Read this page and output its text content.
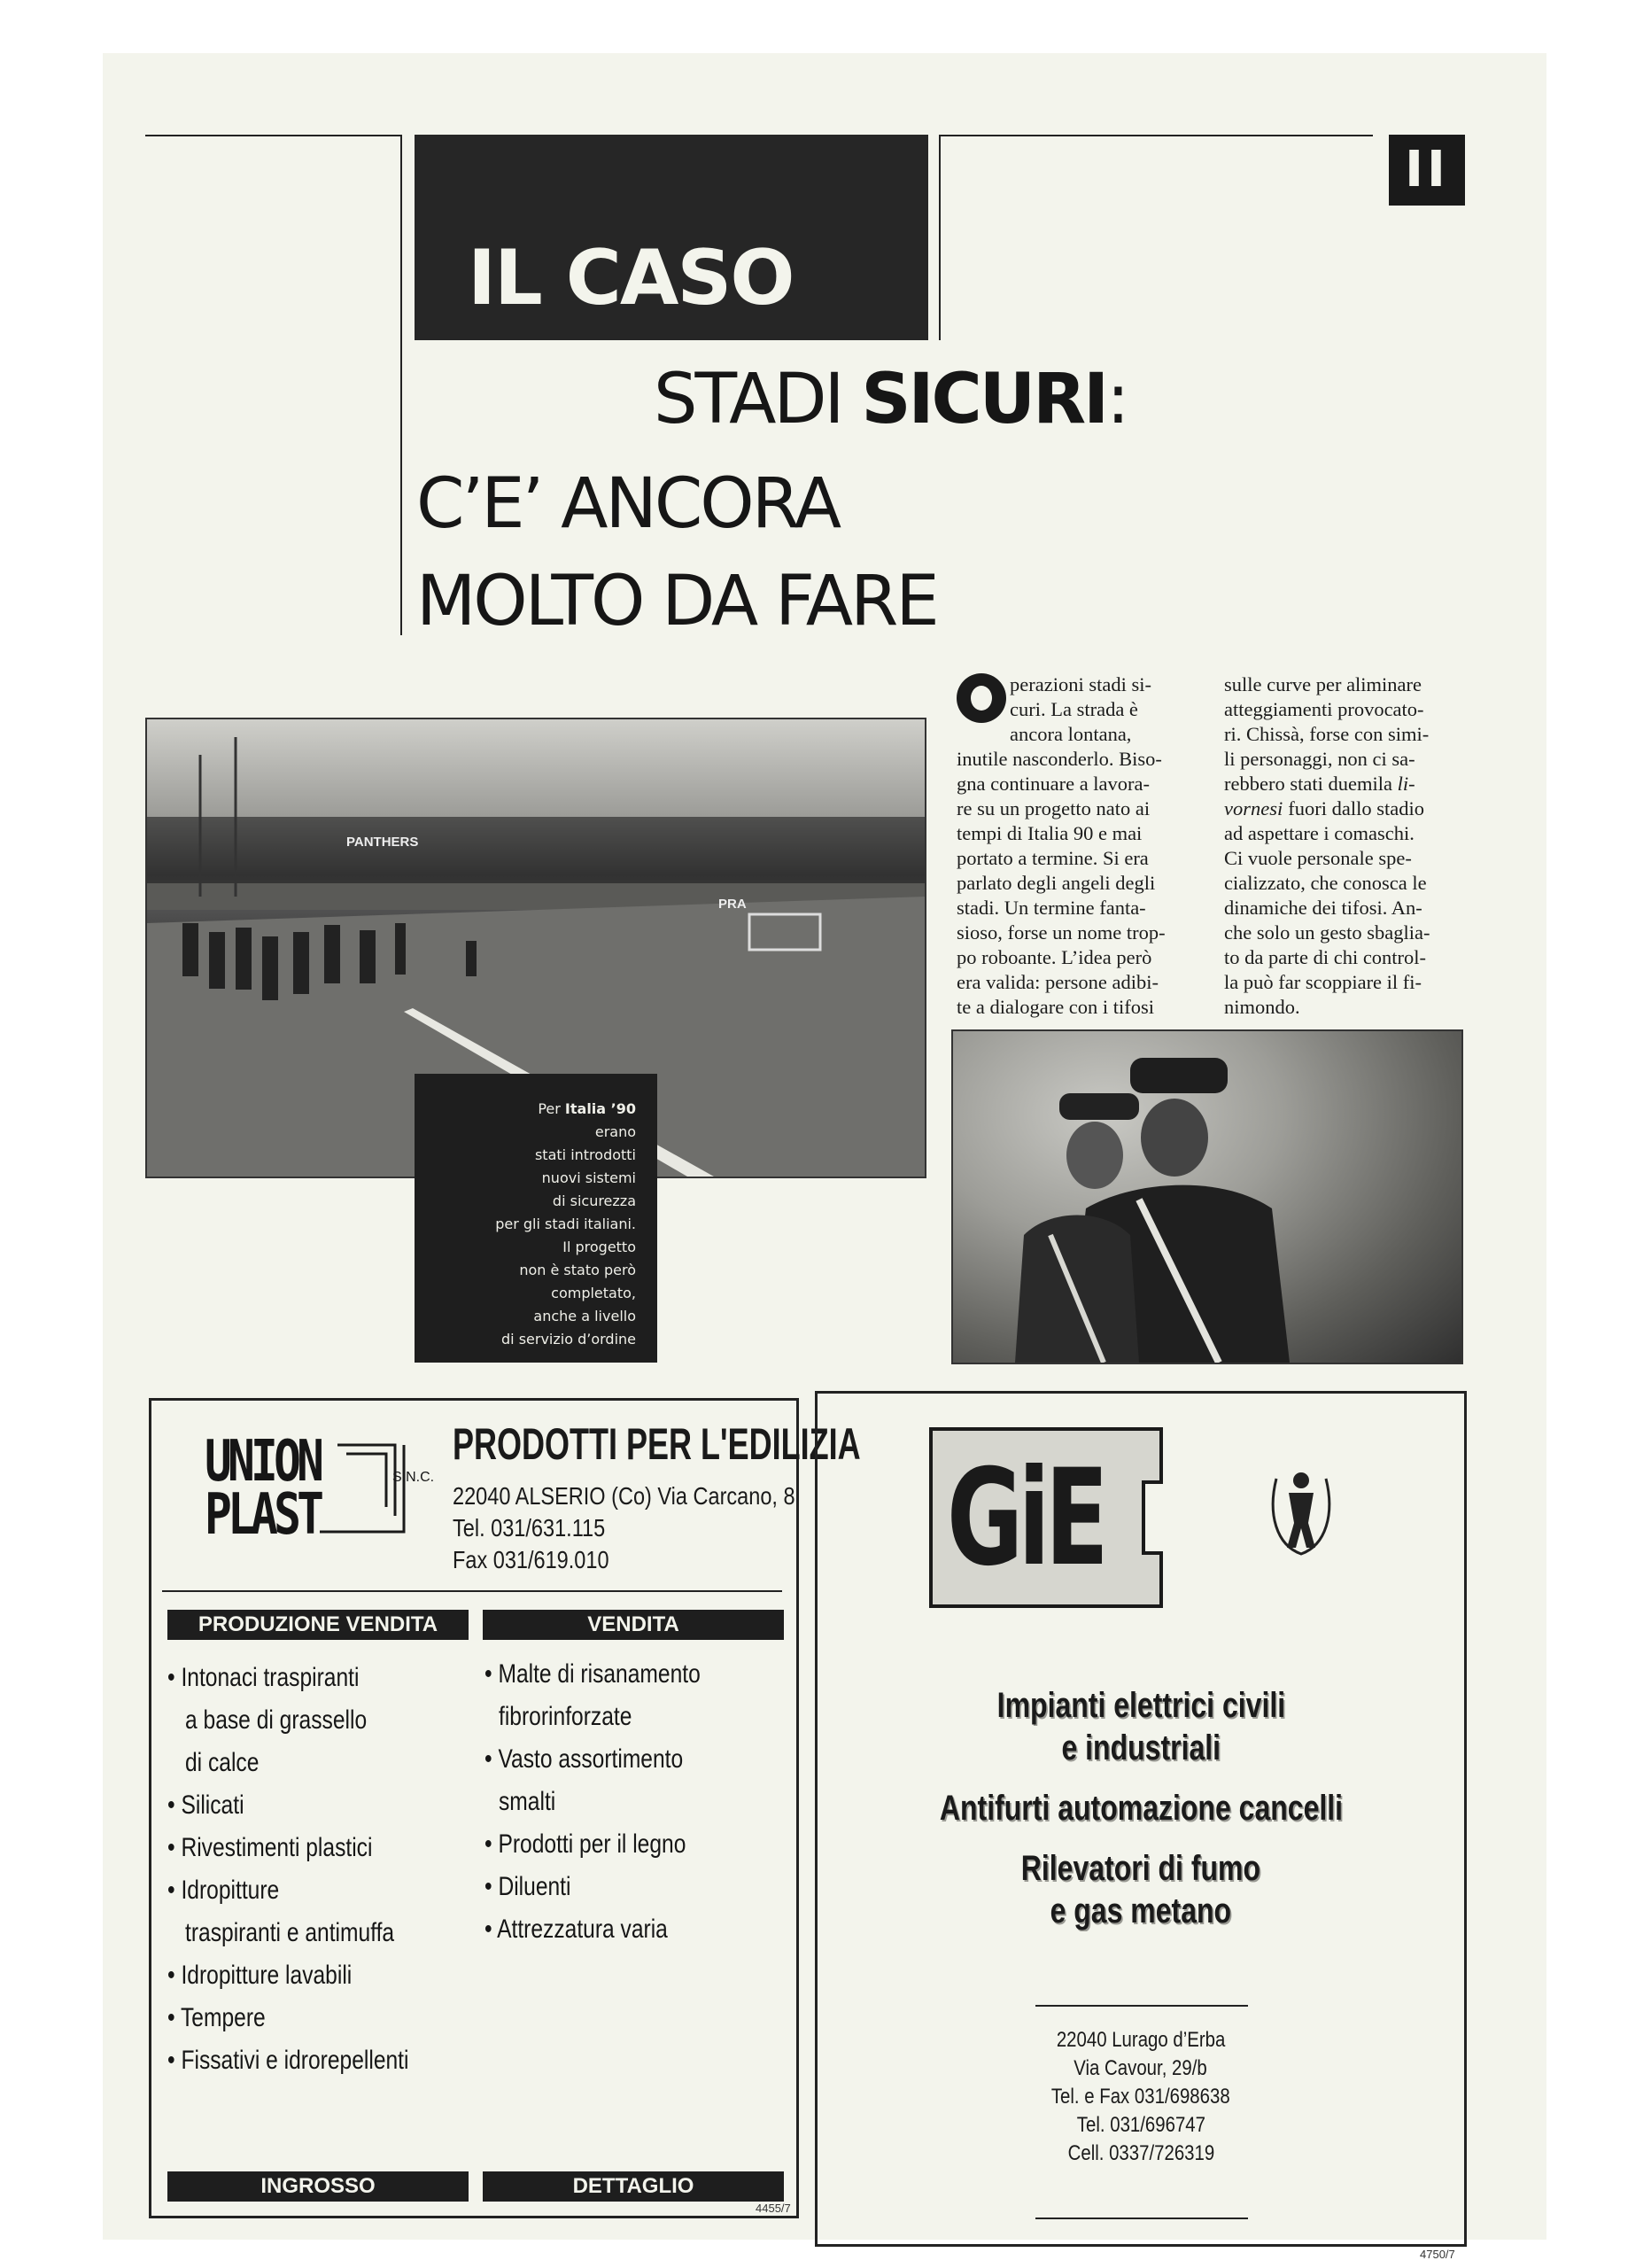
IL CASO
II
STADI SICURI:
C’E’ ANCORA
MOLTO DA FARE
PANTHERS
PRA
Per Italia ’90
erano
stati introdotti
nuovi sistemi
di sicurezza
per gli stadi italiani.
Il progetto
non è stato però
completato,
anche a livello
di servizio d’ordine
perazioni stadi si-
curi. La strada è
ancora lontana,
inutile nasconderlo. Biso-
gna continuare a lavora-
re su un progetto nato ai
tempi di Italia 90 e mai
portato a termine. Si era
parlato degli angeli degli
stadi. Un termine fanta-
sioso, forse un nome trop-
po roboante. L’idea però
era valida: persone adibi-
te a dialogare con i tifosi
sulle curve per aliminare
atteggiamenti provocato-
ri. Chissà, forse con simi-
li personaggi, non ci sa-
rebbero stati duemila li-
vornesi fuori dallo stadio
ad aspettare i comaschi.
Ci vuole personale spe-
cializzato, che conosca le
dinamiche dei tifosi. An-
che solo un gesto sbaglia-
to da parte di chi control-
la può far scoppiare il fi-
nimondo.
UNION	S.N.C.
PLAST
PRODOTTI PER L'EDILIZIA
22040 ALSERIO (Co) Via Carcano, 8
Tel. 031/631.115
Fax 031/619.010
PRODUZIONE VENDITA	VENDITA
• Intonaci traspiranti
a base di grassello
di calce
• Silicati
• Rivestimenti plastici
• Idropitture
traspiranti e antimuffa
• Idropitture lavabili
• Tempere
• Fissativi e idrorepellenti
• Malte di risanamento
fibrorinforzate
• Vasto assortimento
smalti
• Prodotti per il legno
• Diluenti
• Attrezzatura varia
INGROSSO	DETTAGLIO
4455/7
GiE
Impianti elettrici civili
e industriali
Antifurti automazione cancelli
Rilevatori di fumo
e gas metano
22040 Lurago d’Erba
Via Cavour, 29/b
Tel. e Fax 031/698638
Tel. 031/696747
Cell. 0337/726319
4750/7
